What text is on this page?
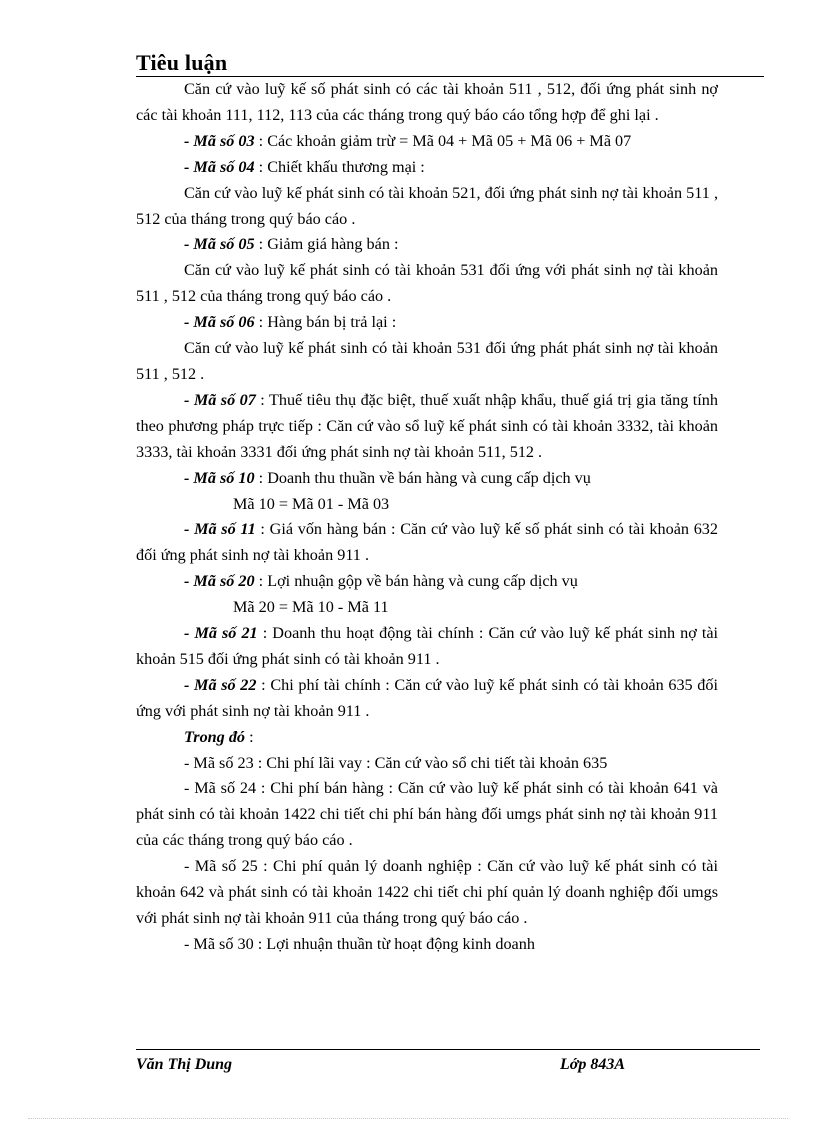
Tiêu luận

Căn cứ vào luỹ kế số phát sinh có các tài khoản 511 , 512, đối ứng phát sinh nợ các tài khoản 111, 112, 113 của các tháng trong quý báo cáo tổng hợp để ghi lại .

- Mã số 03 : Các khoản giảm trừ = Mã 04 + Mã 05 + Mã 06 + Mã 07

- Mã số 04 : Chiết khấu thương mại :

Căn cứ vào luỹ kế phát sinh có tài khoản 521, đối ứng phát sinh nợ tài khoản 511 , 512 của tháng trong quý báo cáo .

- Mã số 05 : Giảm giá hàng bán :

Căn cứ vào luỹ kế phát sinh có tài khoản 531 đối ứng với phát sinh nợ tài khoản 511 , 512 của tháng trong quý báo cáo .

- Mã số 06 : Hàng bán bị trả lại :

Căn cứ vào luỹ kế phát sinh có tài khoản 531 đối ứng phát phát sinh nợ tài khoản 511 , 512 .

- Mã số 07 : Thuế tiêu thụ đặc biệt, thuế xuất nhập khẩu, thuế giá trị gia tăng tính theo phương pháp trực tiếp : Căn cứ vào sổ luỹ kế phát sinh có tài khoản 3332, tài khoản 3333, tài khoản 3331 đối ứng phát sinh nợ tài khoản 511, 512 .

- Mã số 10 : Doanh thu thuần về bán hàng và cung cấp dịch vụ

Mã 10 = Mã 01 - Mã 03

- Mã số 11 : Giá vốn hàng bán : Căn cứ vào luỹ kế số phát sinh có tài khoản 632 đối ứng phát sinh nợ tài khoản 911 .

- Mã số 20 : Lợi nhuận gộp về bán hàng và cung cấp dịch vụ

Mã 20 = Mã 10 - Mã 11

- Mã số 21 : Doanh thu hoạt động tài chính : Căn cứ vào luỹ kế phát sinh nợ tài khoản 515 đối ứng phát sinh có tài khoản 911 .

- Mã số 22 : Chi phí tài chính : Căn cứ vào luỹ kế phát sinh có tài khoản 635 đối ứng với phát sinh nợ tài khoản 911 .

Trong đó :

- Mã số 23 : Chi phí lãi vay : Căn cứ vào sổ chi tiết tài khoản 635

- Mã số 24 : Chi phí bán hàng : Căn cứ vào luỹ kế phát sinh có tài khoản 641 và phát sinh có tài khoản 1422 chi tiết chi phí bán hàng đối umgs phát sinh nợ tài khoản 911 của các tháng trong quý báo cáo .

- Mã số 25 : Chi phí quản lý doanh nghiệp : Căn cứ vào luỹ kế phát sinh có tài khoản 642 và phát sinh có tài khoản 1422 chi tiết chi phí quản lý doanh nghiệp đối umgs với phát sinh nợ tài khoản 911 của tháng trong quý báo cáo .

- Mã số 30 : Lợi nhuận thuần từ hoạt động kinh doanh

Văn Thị Dung	Lớp 843A
